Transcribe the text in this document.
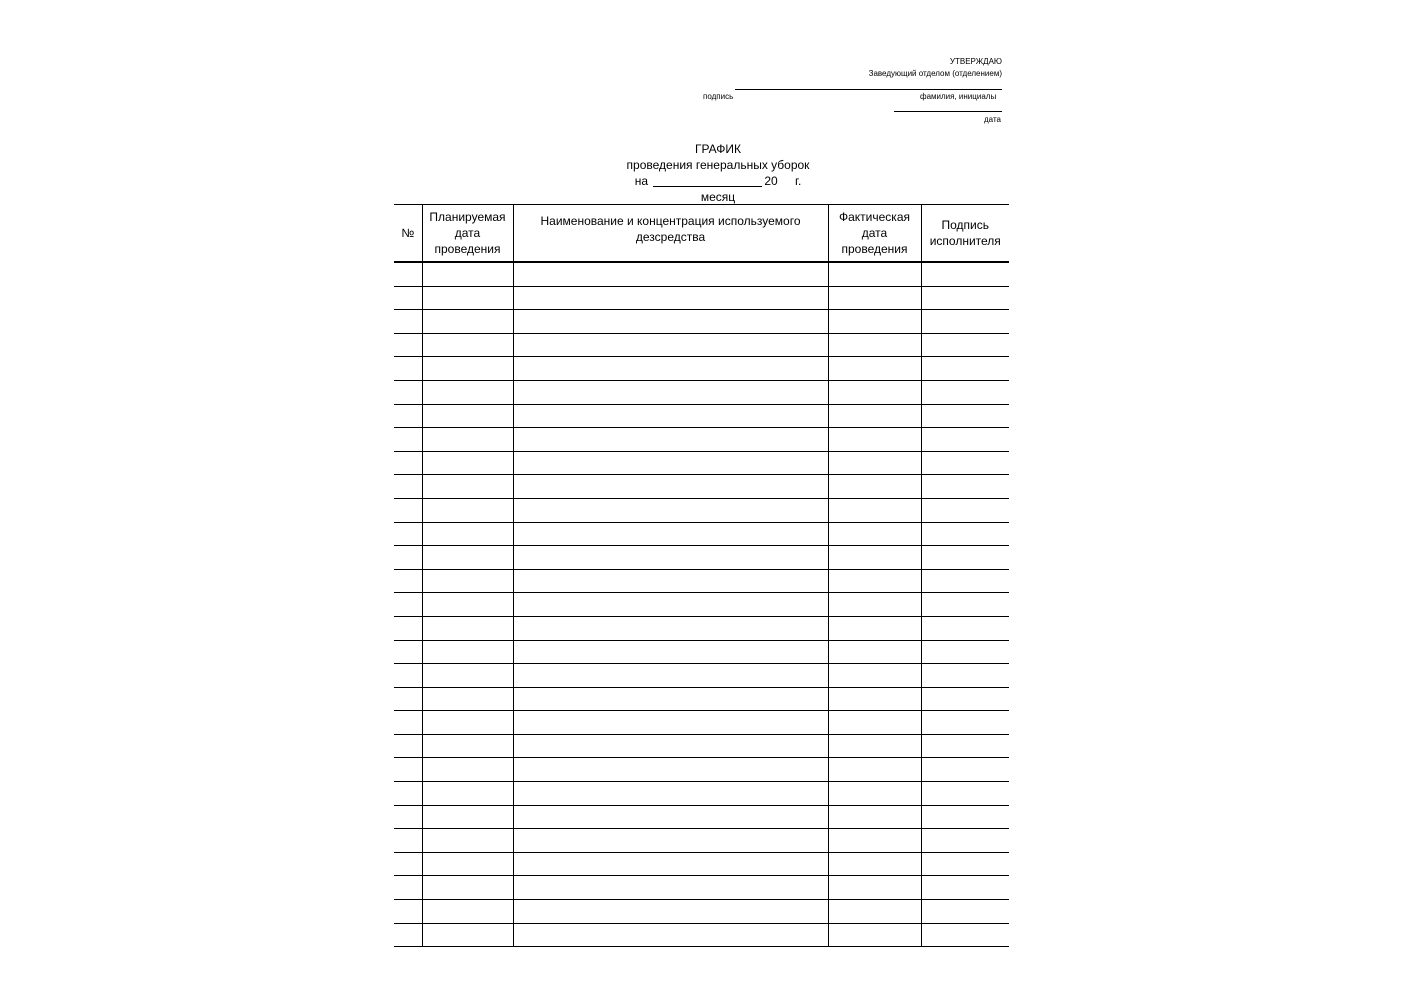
УТВЕРЖДАЮ
Заведующий отделом (отделением)
подпись	фамилия, инициалы
дата
ГРАФИК
проведения генеральных уборок
на	20 г.
месяц
№	Планируемая дата проведения	Наименование и концентрация используемого дезсредства	Фактическая дата проведения	Подпись исполнителя
